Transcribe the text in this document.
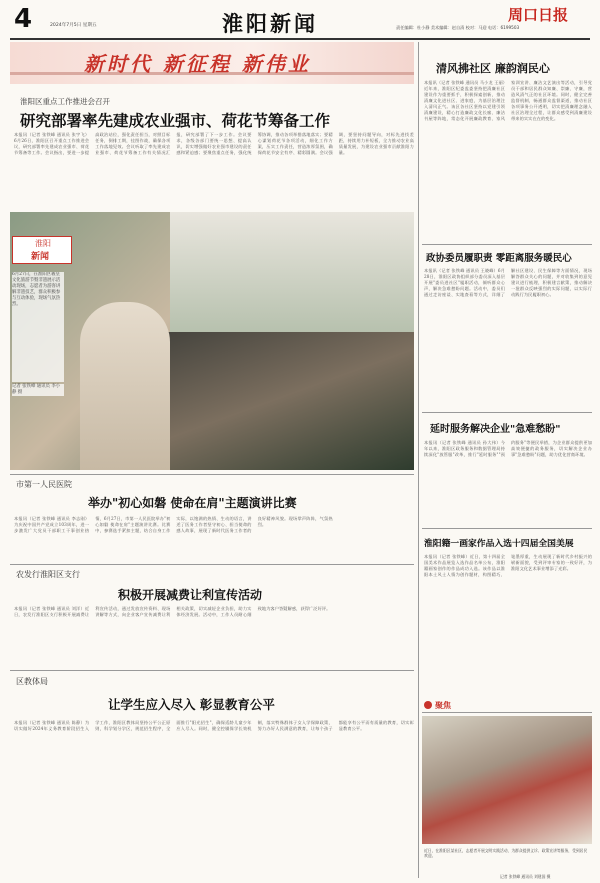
4	2024年7月5日 星期五	淮阳新闻	责任编辑：杜小静 美术编辑：赵自清 校对：马迎 电话：6199503
周口日报
新时代 新征程 新伟业
淮阳区重点工作推进会召开
研究部署率先建成农业强市、荷花节筹备工作
本报讯（记者 张铁峰 通讯员 张宇飞）6月26日，淮阳区召开重点工作推进会议，研究部署率先建成农业强市、荷花节筹备等工作。会议指出，要进一步提高政治站位，强化责任担当，对照目标任务，倒排工期，挂图作战，确保各项工作落地见效。会议听取了率先建成农业强市、荷花节筹备工作有关情况汇报，研究部署了下一步工作。会议要求，各级各部门要统一思想、提高认识，切实增强做好农业强市建设的责任感和紧迫感；要聚焦重点任务，强化统筹协调，推动各项举措落地落实；要精心谋划荷花节各项活动，细化工作方案，压实工作责任，营造浓厚氛围，确保荷花节安全有序、精彩圆满。会议强调，要坚持问题导向，对标先进找差距，持续用力补短板，全力推动农业高质量发展，为建设农业强市贡献淮阳力量。
淮阳
新闻
6月27日，在淮阳区羲皇文化旅游节暨非遗展示活动现场，志愿者为游客讲解非遗技艺，群众积极参与互动体验，现场气氛热烈。
记者 张铁峰 通讯员 李小静 摄
市第一人民医院
举办"初心如磐 使命在肩"主题演讲比赛
本报讯（记者 张铁峰 通讯员 李志刚）为庆祝中国共产党成立103周年，进一步激发广大党员干部职工干事创业热情，6月27日，市第一人民医院举办"初心如磐 使命在肩"主题演讲比赛。比赛中，参赛选手紧扣主题，结合自身工作实际，以饱满的热情、生动的语言，讲述了医务工作者坚守初心、担当使命的感人故事，展现了新时代医务工作者的良好精神风貌。现场掌声阵阵，气氛热烈。
农发行淮阳区支行
积极开展减费让利宣传活动
本报讯（记者 张铁峰 通讯员 刘洋）近日，农发行淮阳区支行积极开展减费让利宣传活动，通过发放宣传资料、现场讲解等方式，向企业客户宣传减费让利相关政策，切实减轻企业负担，助力实体经济发展。活动中，工作人员耐心细致地为客户答疑解惑，获得广泛好评。
区教体局
让学生应入尽入 彰显教育公平
本报讯（记者 张铁峰 通讯员 陈静）为切实做好2024年义务教育阶段招生入学工作，淮阳区教体局坚持公平公正原则，科学划分学区，规范招生程序，全面推行"阳光招生"，确保适龄儿童少年应入尽入。同时，健全控辍保学长效机制，落实特殊群体子女入学保障政策，努力办好人民满意的教育，让每个孩子都能享有公平而有质量的教育，切实彰显教育公平。
清风拂社区 廉韵润民心
本报讯（记者 张铁峰 通讯员 马小龙 王丽）近年来，淮阳区纪委监委坚持把清廉社区建设作为重要抓手，积极探索创新，推动清廉文化进社区、进家庭，为基层治理注入清风正气。该区各社区坚持以党建引领清廉建设，精心打造廉政文化长廊、廉洁书屋等阵地，常态化开展廉政教育、家风家训宣讲、廉洁文艺演出等活动，引导党员干部和居民群众知廉、崇廉、守廉，营造风清气正的社区环境。同时，健全完善监督机制，畅通群众监督渠道，推动社区各项事务公开透明，切实把清廉理念融入社区治理全过程，让群众感受到清廉建设带来的实实在在的变化。
政协委员履职责 零距离服务暖民心
本报讯（记者 张铁峰 通讯员 王晓峰）6月28日，淮阳区政协组织部分委员深入基层开展"委员进社区"履职活动，倾听群众心声，解决急难愁盼问题。活动中，委员们通过走访座谈、实地查看等方式，详细了解社区建设、民生保障等方面情况，现场解答群众关心的问题，并对收集到的意见建议进行梳理，积极建言献策，推动解决一批群众反映强烈的实际问题，以实际行动践行为民履职初心。
延时服务解决企业"急难愁盼"
本报讯（记者 张铁峰 通讯员 孙大伟）今年以来，淮阳区政务服务和数据管理局持续深化"放管服"改革，推行"延时服务""预约服务"等便民举措，为企业群众提供更加高效便捷的政务服务，切实解决企业办事"急难愁盼"问题，助力优化营商环境。
淮阳籍一画家作品入选十四届全国美展
本报讯（记者 张铁峰）近日，第十四届全国美术作品展览入选作品名单公布，淮阳籍画家创作的作品成功入选。该作品以淮阳本土风土人情为创作题材，构图精巧、笔墨厚重，生动展现了新时代乡村振兴的崭新面貌，受到评审专家的一致好评，为淮阳文化艺术事业增添了光彩。
聚焦
近日，在淮阳区某社区，志愿者开展文明实践活动，为群众提供义诊、政策宣讲等服务，受到居民欢迎。
记者 张铁峰 通讯员 刘建国 摄
